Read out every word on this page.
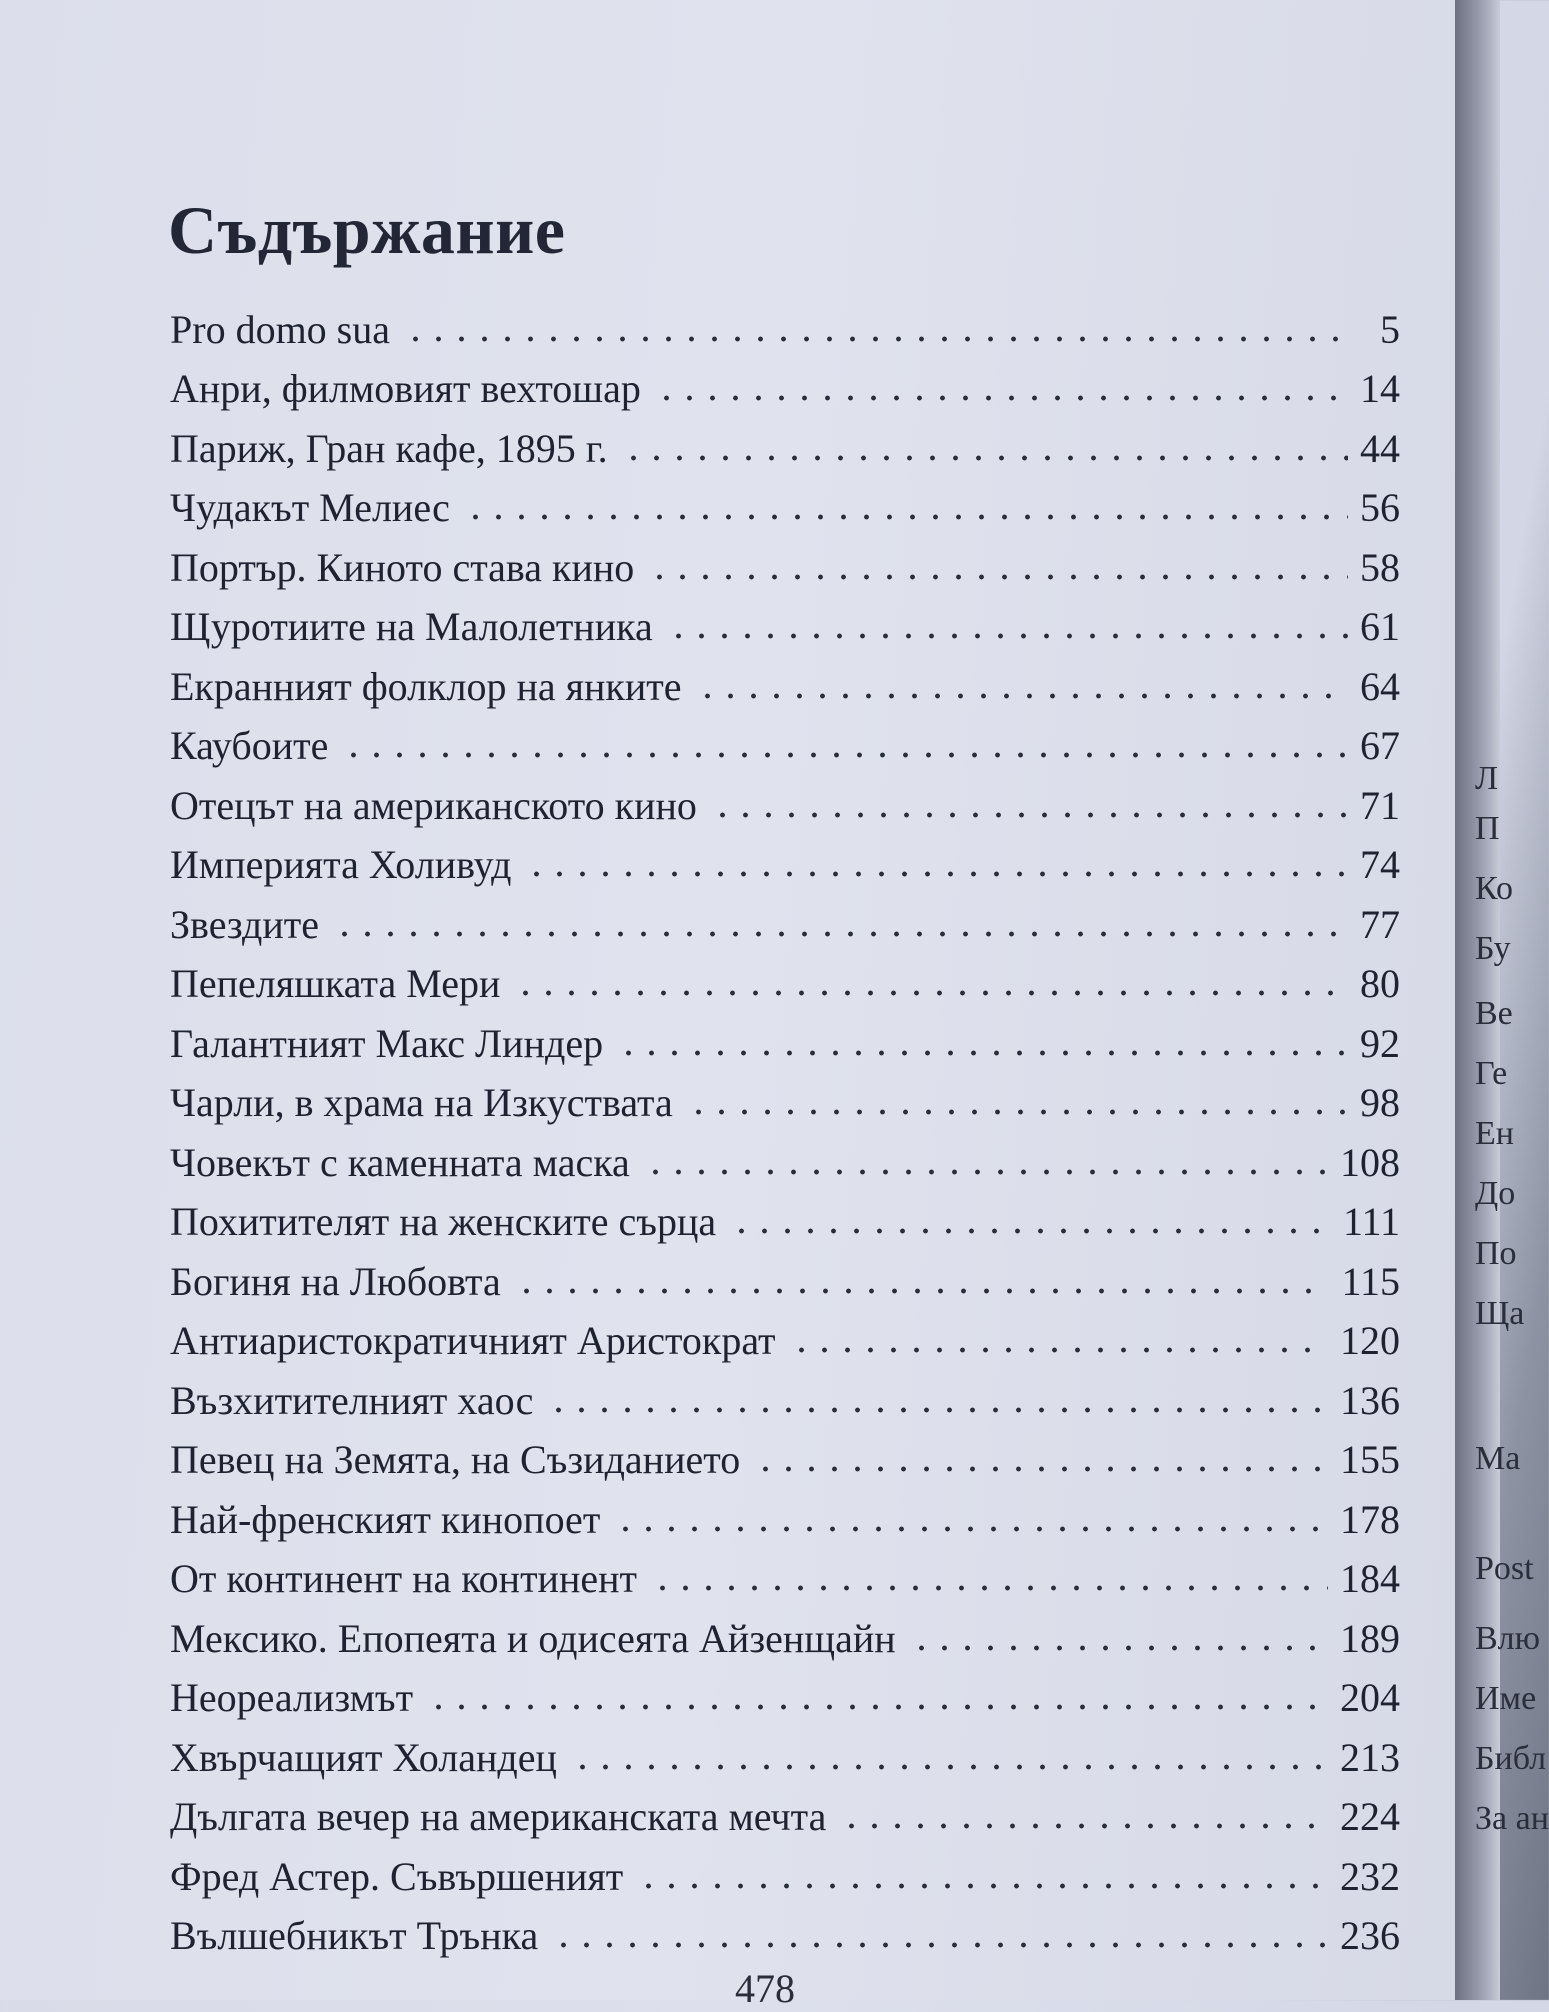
Съдържание
Pro domo sua	5
Анри, филмовият вехтошар	14
Париж, Гран кафе, 1895 г.	44
Чудакът Мелиес	56
Портър. Киното става кино	58
Щуротиите на Малолетника	61
Екранният фолклор на янките	64
Каубоите	67
Отецът на американското кино	71
Империята Холивуд	74
Звездите	77
Пепеляшката Мери	80
Галантният Макс Линдер	92
Чарли, в храма на Изкуствата	98
Човекът с каменната маска	108
Похитителят на женските сърца	111
Богиня на Любовта	115
Антиаристократичният Аристократ	120
Възхитителният хаос	136
Певец на Земята, на Съзиданието	155
Най-френският кинопоет	178
От континент на континент	184
Мексико. Епопеята и одисеята Айзенщайн	189
Неореализмът	204
Хвърчащият Холандец	213
Дългата вечер на американската мечта	224
Фред Астер. Съвършеният	232
Вълшебникът Трънка	236
478
Л
П
Ко
Бу
Ве
Ге
Ен
До
По
Ща
Ма
Post
Влю
Име
Библ
За ан
